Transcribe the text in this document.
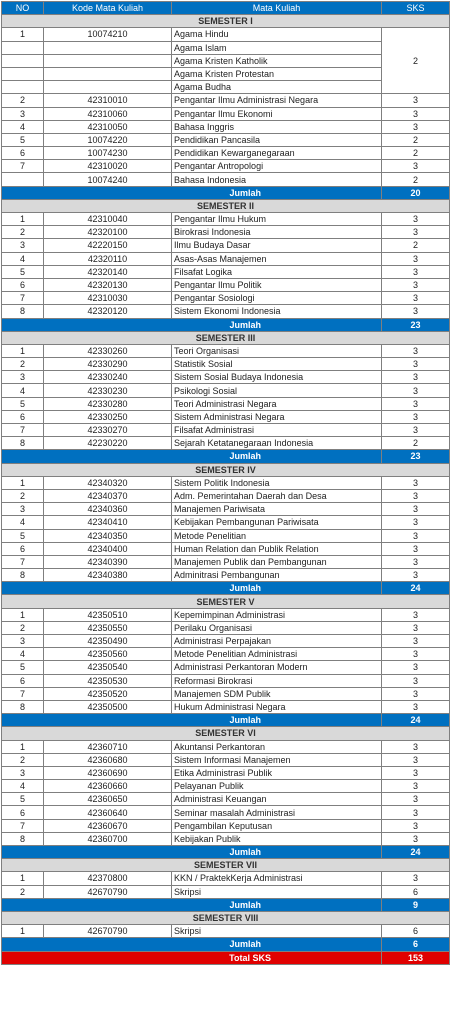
NO	Kode Mata Kuliah	Mata Kuliah	SKS
SEMESTER I			
1	10074210	Agama Hindu	2
		Agama Islam	
		Agama Kristen Katholik	
		Agama Kristen Protestan	
		Agama Budha	
2	42310010	Pengantar Ilmu Administrasi Negara	3
3	42310060	Pengantar Ilmu Ekonomi	3
4	42310050	Bahasa Inggris	3
5	10074220	Pendidikan Pancasila	2
6	10074230	Pendidikan Kewarganegaraan	2
7	42310020	Pengantar Antropologi	3
	10074240	Bahasa Indonesia	2
Jumlah			20
SEMESTER II			
1	42310040	Pengantar Ilmu Hukum	3
2	42320100	Birokrasi Indonesia	3
3	42220150	Ilmu Budaya Dasar	2
4	42320110	Asas-Asas Manajemen	3
5	42320140	Filsafat Logika	3
6	42320130	Pengantar Ilmu Politik	3
7	42310030	Pengantar Sosiologi	3
8	42320120	Sistem Ekonomi Indonesia	3
Jumlah			23
SEMESTER III			
1	42330260	Teori Organisasi	3
2	42330290	Statistik Sosial	3
3	42330240	Sistem Sosial Budaya Indonesia	3
4	42330230	Psikologi Sosial	3
5	42330280	Teori Administrasi Negara	3
6	42330250	Sistem Administrasi Negara	3
7	42330270	Filsafat Administrasi	3
8	42230220	Sejarah Ketatanegaraan Indonesia	2
Jumlah			23
SEMESTER IV			
1	42340320	Sistem Politik Indonesia	3
2	42340370	Adm. Pemerintahan Daerah dan Desa	3
3	42340360	Manajemen Pariwisata	3
4	42340410	Kebijakan Pembangunan Pariwisata	3
5	42340350	Metode Penelitian	3
6	42340400	Human Relation dan Publik Relation	3
7	42340390	Manajemen Publik dan Pembangunan	3
8	42340380	Adminitrasi Pembangunan	3
Jumlah			24
SEMESTER V			
1	42350510	Kepemimpinan Administrasi	3
2	42350550	Perilaku Organisasi	3
3	42350490	Administrasi Perpajakan	3
4	42350560	Metode Penelitian Administrasi	3
5	42350540	Administrasi Perkantoran Modern	3
6	42350530	Reformasi Birokrasi	3
7	42350520	Manajemen SDM Publik	3
8	42350500	Hukum Administrasi Negara	3
Jumlah			24
SEMESTER VI			
1	42360710	Akuntansi Perkantoran	3
2	42360680	Sistem Informasi Manajemen	3
3	42360690	Etika Administrasi Publik	3
4	42360660	Pelayanan Publik	3
5	42360650	Administrasi Keuangan	3
6	42360640	Seminar masalah Administrasi	3
7	42360670	Pengambilan Keputusan	3
8	42360700	Kebijakan Publik	3
Jumlah			24
SEMESTER VII			
1	42370800	KKN / PraktekKerja Administrasi	3
2	42670790	Skripsi	6
Jumlah			9
SEMESTER VIII			
1	42670790	Skripsi	6
Jumlah			6
Total SKS			153
